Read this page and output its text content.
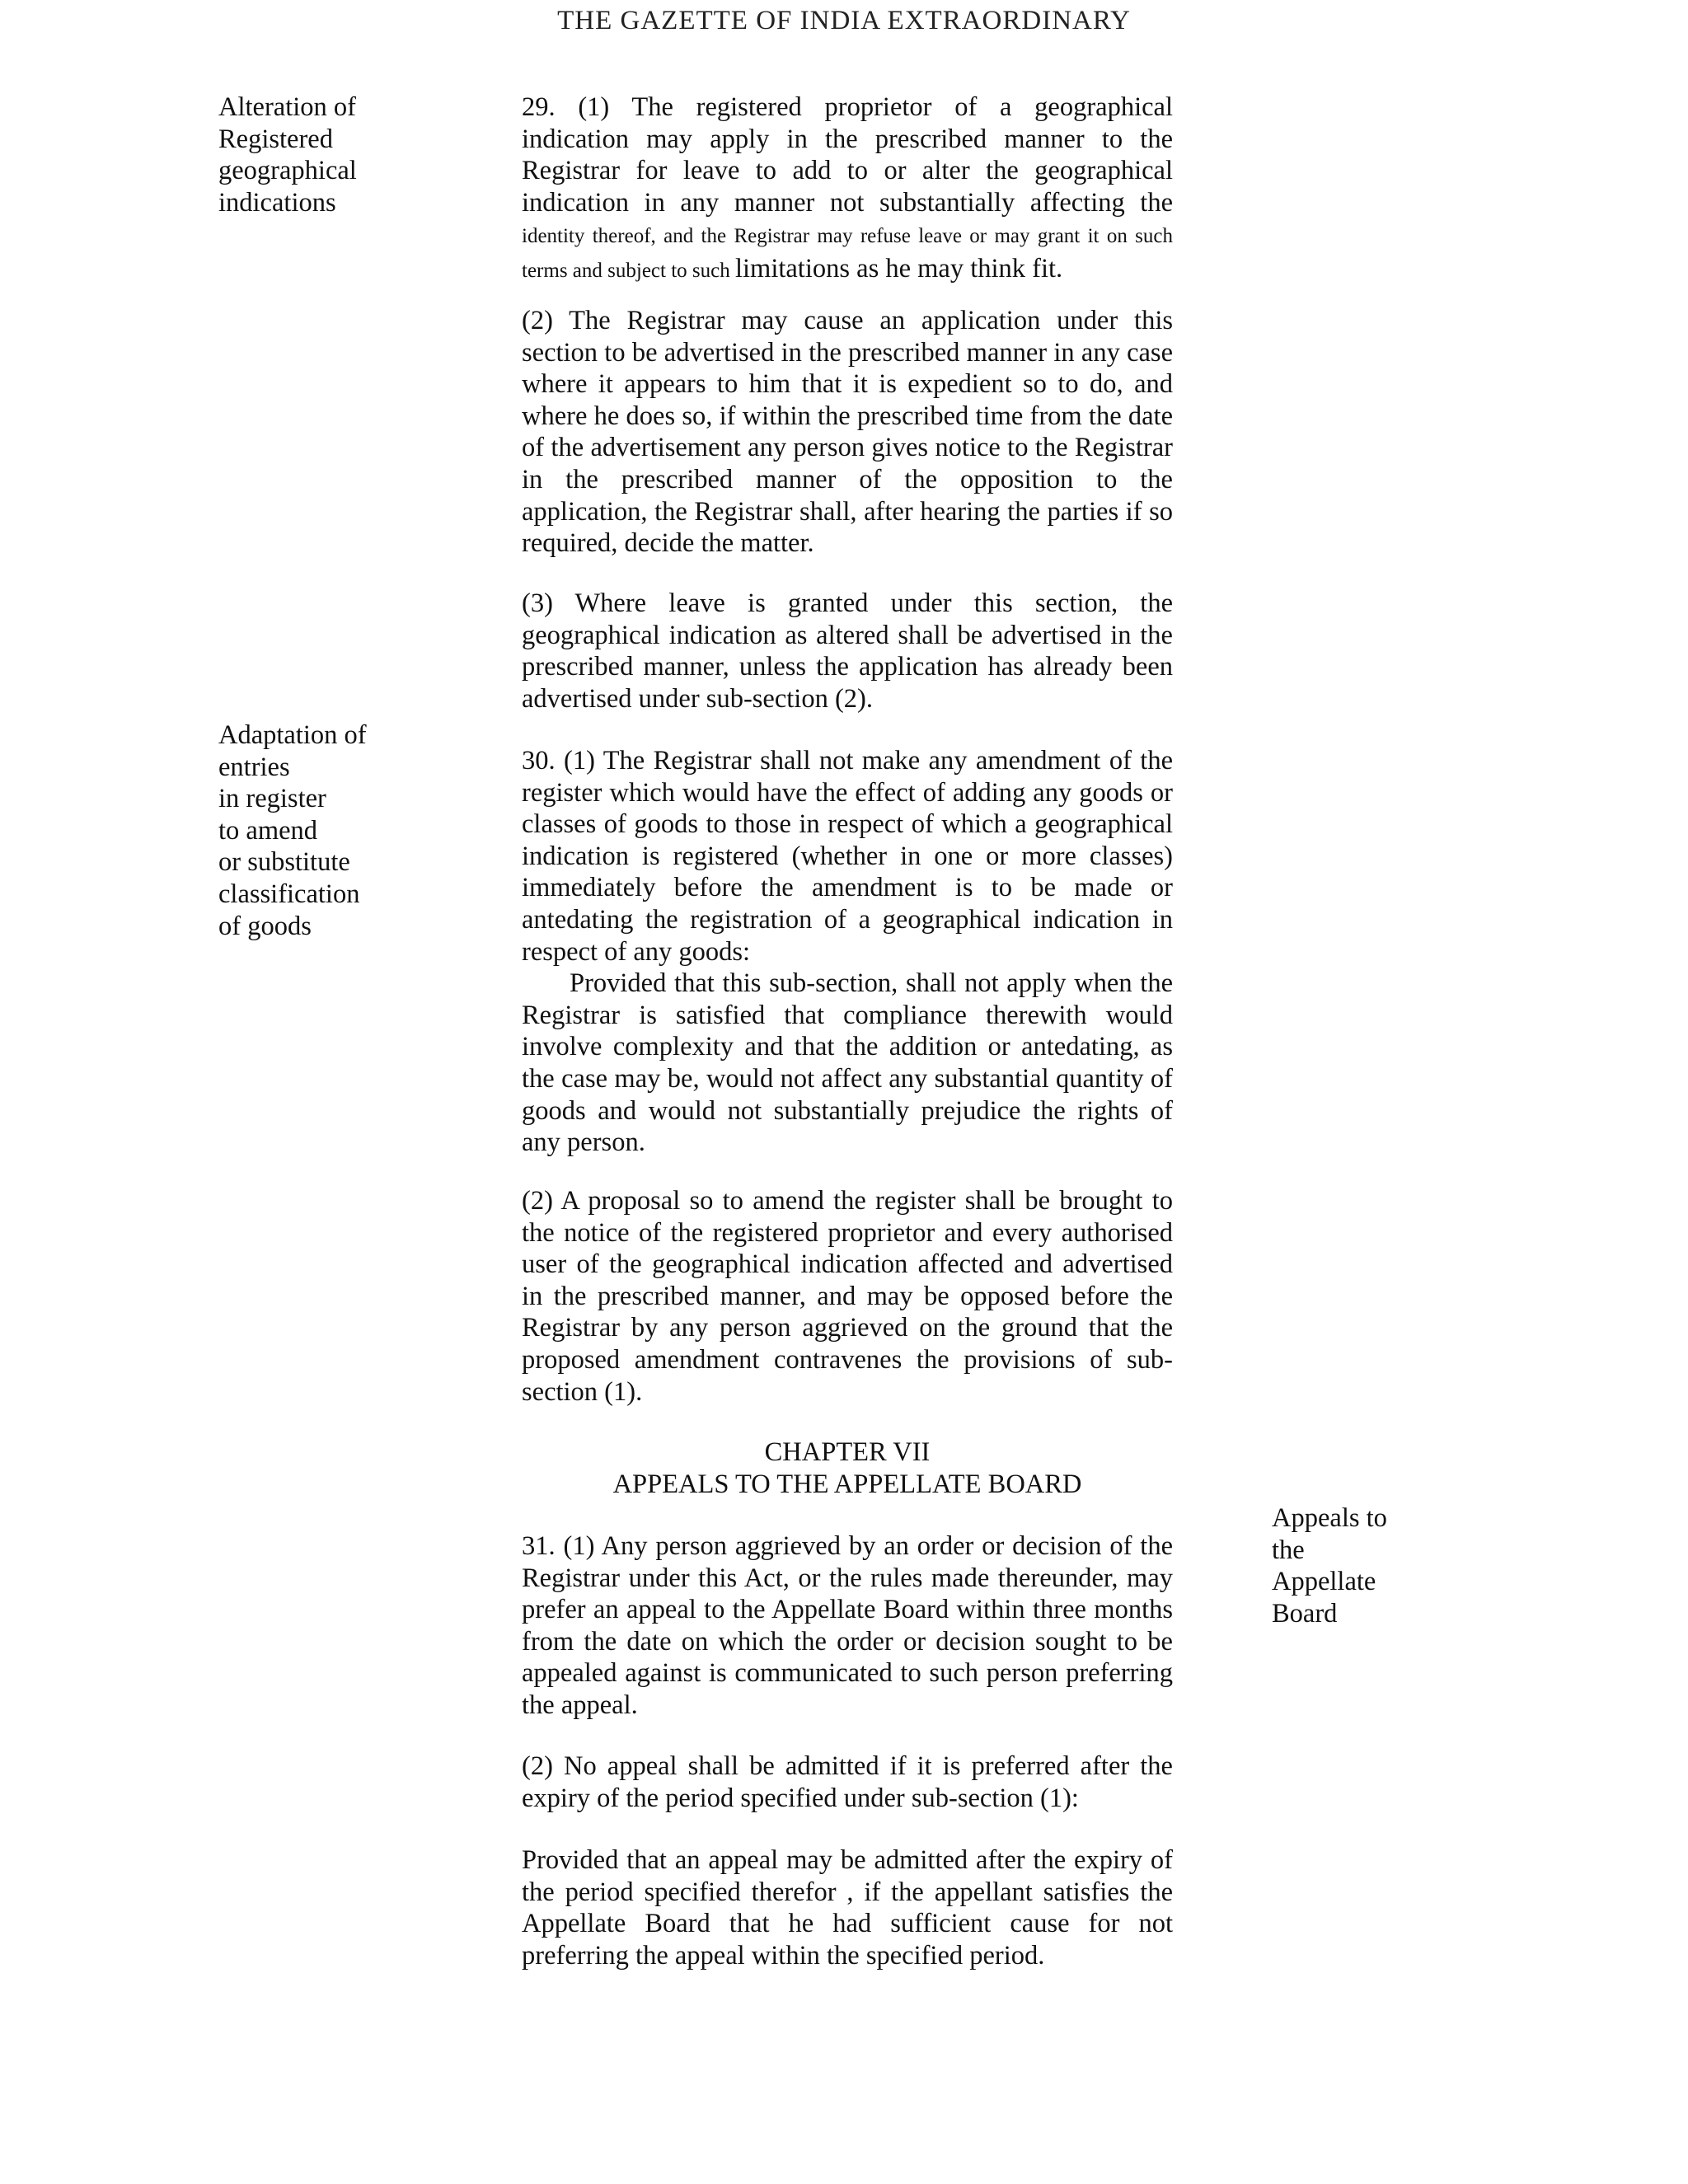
THE GAZETTE OF INDIA EXTRAORDINARY
Alteration of
Registered
geographical
indications
Adaptation of
entries
in register
to amend
or substitute
classification
of goods
Appeals to
the
Appellate
Board

29. (1) The registered proprietor of a geographical indication may apply in the prescribed manner to the Registrar for leave to add to or alter the geographical indication in any manner not substantially affecting the identity thereof, and the Registrar may refuse leave or may grant it on such terms and subject to such limitations as he may think fit.

(2) The Registrar may cause an application under this section to be advertised in the prescribed manner in any case where it appears to him that it is expedient so to do, and where he does so, if within the prescribed time from the date of the advertisement any person gives notice to the Registrar in the prescribed manner of the opposition to the application, the Registrar shall, after hearing the parties if so required, decide the matter.

(3) Where leave is granted under this section, the geographical indication as altered shall be advertised in the prescribed manner, unless the application has already been advertised under sub-section (2).

30. (1) The Registrar shall not make any amendment of the register which would have the effect of adding any goods or classes of goods to those in respect of which a geographical indication is registered (whether in one or more classes) immediately before the amendment is to be made or antedating the registration of a geographical indication in respect of any goods:

Provided that this sub-section, shall not apply when the Registrar is satisfied that compliance therewith would involve complexity and that the addition or antedating, as the case may be, would not affect any substantial quantity of goods and would not substantially prejudice the rights of any person.

(2) A proposal so to amend the register shall be brought to the notice of the registered proprietor and every authorised user of the geographical indication affected and advertised in the prescribed manner, and may be opposed before the Registrar by any person aggrieved on the ground that the proposed amendment contravenes the provisions of sub-section (1).

CHAPTER VII

APPEALS TO THE APPELLATE BOARD

31. (1) Any person aggrieved by an order or decision of the Registrar under this Act, or the rules made thereunder, may prefer an appeal to the Appellate Board within three months from the date on which the order or decision sought to be appealed against is communicated to such person preferring the appeal.

(2) No appeal shall be admitted if it is preferred after the expiry of the period specified under sub-section (1):

Provided that an appeal may be admitted after the expiry of the period specified therefor , if the appellant satisfies the Appellate Board that he had sufficient cause for not preferring the appeal within the specified period.
